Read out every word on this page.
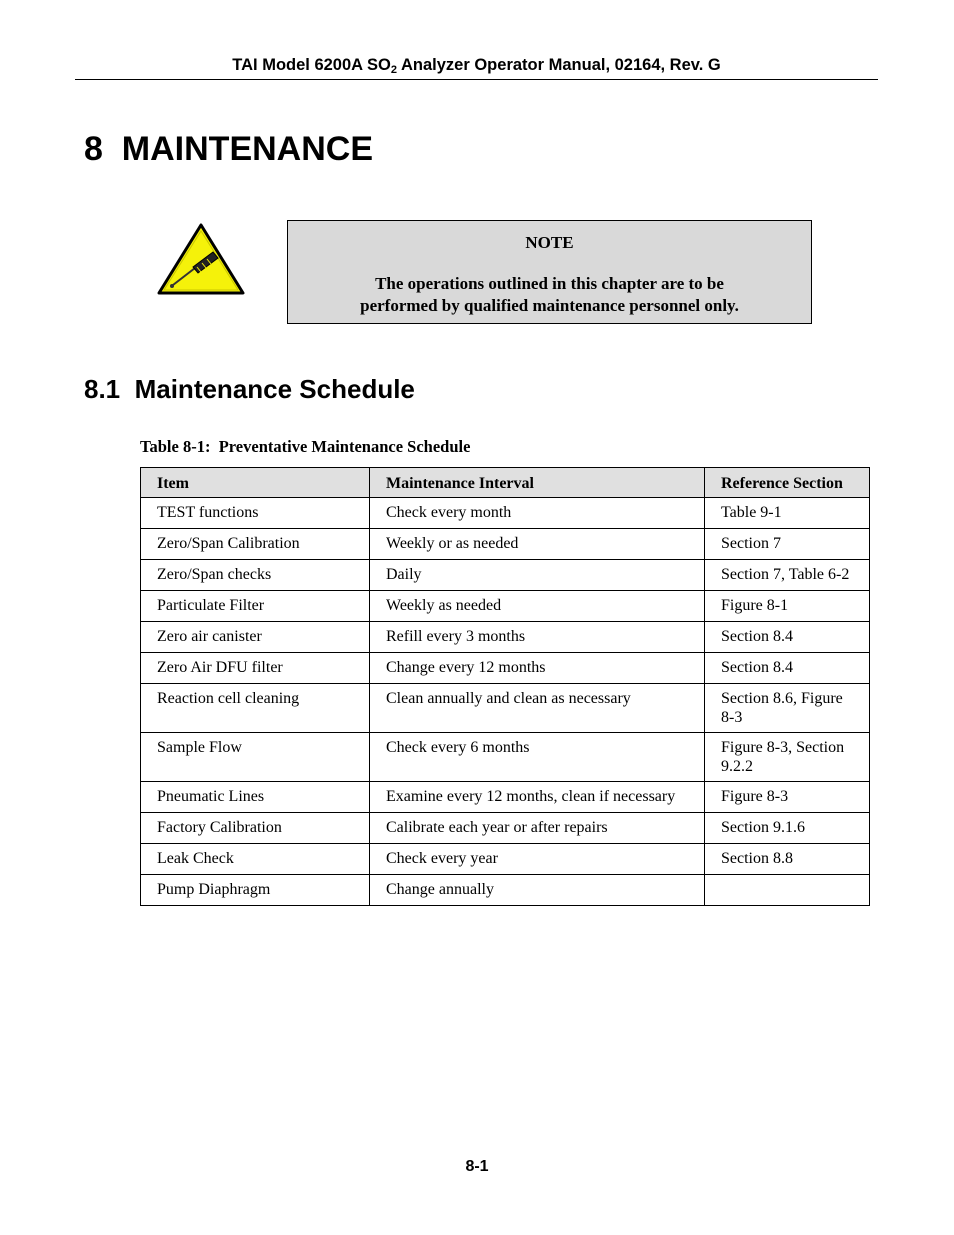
TAI Model 6200A $SO_2$ Analyzer Operator Manual, 02164, Rev. G
8  MAINTENANCE
NOTE
The operations outlined in this chapter are to be
performed by qualified maintenance personnel only.
8.1  Maintenance Schedule
Table 8-1:  Preventative Maintenance Schedule
Item	Maintenance Interval	Reference Section
TEST functions	Check every month	Table 9-1
Zero/Span Calibration	Weekly or as needed	Section 7
Zero/Span checks	Daily	Section 7, Table 6-2
Particulate Filter	Weekly as needed	Figure 8-1
Zero air canister	Refill every 3 months	Section 8.4
Zero Air DFU filter	Change every 12 months	Section 8.4
Reaction cell cleaning	Clean annually and clean as necessary	Section 8.6, Figure 8-3
Sample Flow	Check every 6 months	Figure 8-3, Section 9.2.2
Pneumatic Lines	Examine every 12 months, clean if necessary	Figure 8-3
Factory Calibration	Calibrate each year or after repairs	Section 9.1.6
Leak Check	Check every year	Section 8.8
Pump Diaphragm	Change annually	
8-1
